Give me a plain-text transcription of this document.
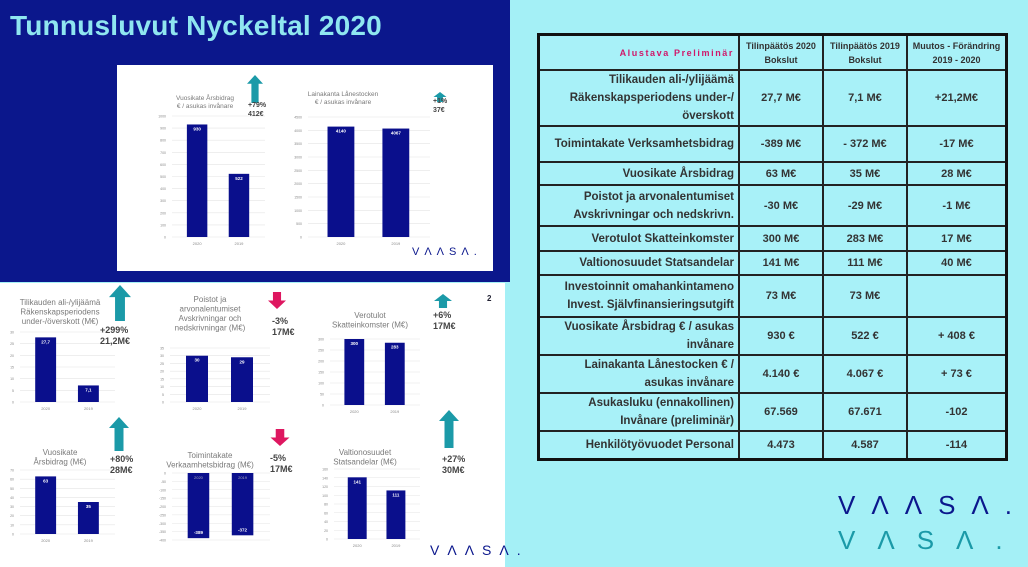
Tunnusluvut Nyckeltal 2020
2
Vuosikate Årsbidrag
€ / asukas invånare
0
100
200
300
400
500
600
700
800
900
1000
930
2020
522
2019
+79%
412€
Lainakanta Lånestocken
€ / asukas invånare
0
500
1000
1500
2000
2500
3000
3500
4000
4500
4140
2020
4067
2019
+1%
37€
Tilikauden ali-/ylijäämä
Räkenskapsperiodens
under-/överskott (M€)
0
5
10
15
20
25
30
27,7
2020
7,1
2019
+299%
21,2M€
Poistot ja
arvonalentumiset
Avskrivningar och
nedskrivningar (M€)
0
5
10
15
20
25
30
35
30
2020
29
2019
-3%
17M€
Verotulot
Skatteinkomster (M€)
0
50
100
150
200
250
300
300
2020
283
2019
+6%
17M€
Vuosikate
Årsbidrag (M€)
0
10
20
30
40
50
60
70
63
2020
35
2019
+80%
28M€
Toimintakate
Verkaamhetsbidrag (M€)
-400
-350
-300
-250
-200
-150
-100
-50
0
-389
2020
-372
2019
-5%
17M€
Valtionosuudet
Statsandelar (M€)
0
20
40
60
80
100
120
140
160
141
2020
111
2019
+27%
30M€
VΛΛSΛ.
VΛΛSΛ.
Alustava Preliminär	Tilinpäätös 2020 Bokslut	Tilinpäätös 2019 Bokslut	Muutos - Förändring 2019 - 2020
Tilikauden ali-/ylijäämä Räkenskapsperiodens under-/överskott	27,7 M€	7,1 M€	+21,2M€
Toimintakate Verksamhetsbidrag	-389 M€	- 372 M€	-17 M€
Vuosikate Årsbidrag	63 M€	35 M€	28 M€
Poistot ja arvonalentumiset Avskrivningar och nedskrivn.	-30 M€	-29 M€	-1 M€
Verotulot Skatteinkomster	300 M€	283 M€	17 M€
Valtionosuudet Statsandelar	141 M€	111 M€	40 M€
Investoinnit omahankintameno Invest. Självfinansieringsutgift	73 M€	73 M€	
Vuosikate Årsbidrag € / asukas invånare	930 €	522 €	+ 408 €
Lainakanta Lånestocken € / asukas invånare	4.140 €	4.067 €	+ 73 €
Asukasluku (ennakollinen) Invånare (preliminär)	67.569	67.671	-102
Henkilötyövuodet Personal	4.473	4.587	-114
VΛΛSΛ.
VΛSΛ.
